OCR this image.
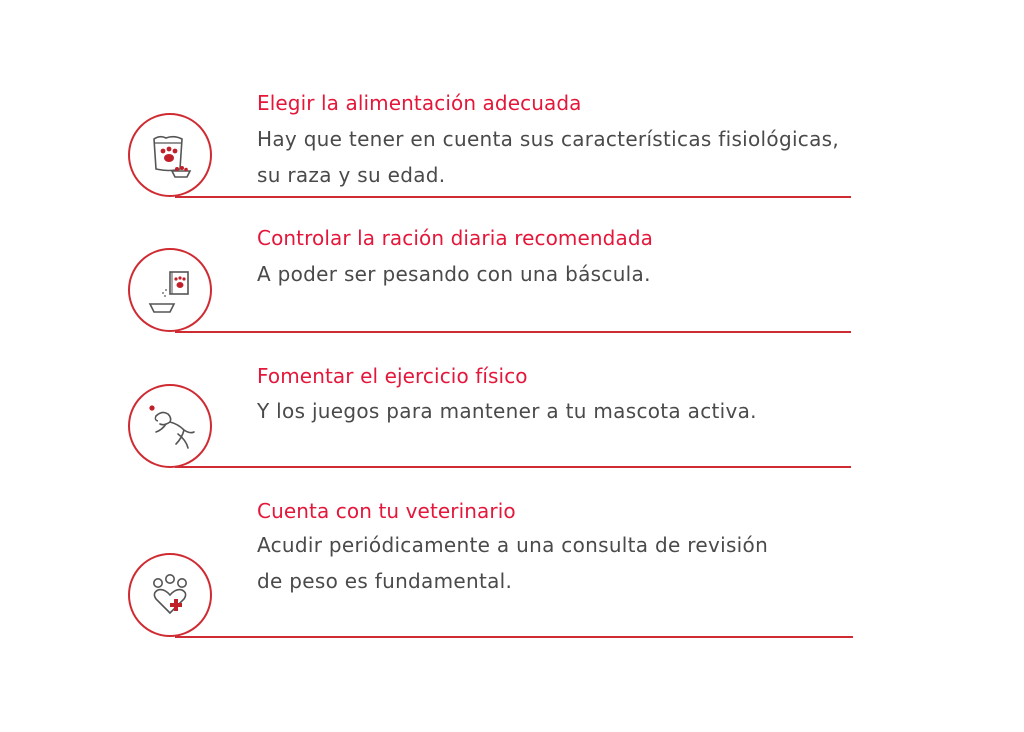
Elegir la alimentación adecuada

Hay que tener en cuenta sus características fisiológicas,
su raza y su edad.

Controlar la ración diaria recomendada

A poder ser pesando con una báscula.

Fomentar el ejercicio físico

Y los juegos para mantener a tu mascota activa.

Cuenta con tu veterinario

Acudir periódicamente a una consulta de revisión
de peso es fundamental.
